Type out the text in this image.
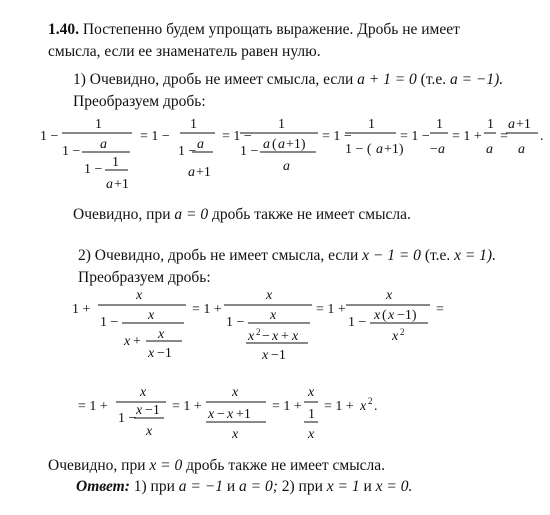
1.40. Постепенно будем упрощать выражение. Дробь не имеет
смысла, если ее знаменатель равен нулю.
1) Очевидно, дробь не имеет смысла, если a + 1 = 0 (т.е. a = −1).
Преобразуем дробь:
1 −
1
1 − a
1 − 1
a +1
= 1 −
1
1 − a
a +1
= 1 −
1
1 − a ( a +1)
a
= 1 −
1
1 − ( a +1)
= 1 −
1
− a
= 1 +
1
a
=
a +1
a
.
Очевидно, при a = 0 дробь также не имеет смысла.
2) Очевидно, дробь не имеет смысла, если x − 1 = 0 (т.е. x = 1).
Преобразуем дробь:
1 +
x
1 − x
x + x
x −1
= 1 +
x
1 − x
x 2 − x + x
x −1
= 1 +
x
1 − x ( x −1)
x 2
=
= 1 +
x
1 −
x −1
x
= 1 +
x
x − x +1
x
= 1 +
x
1
x
= 1 + x 2 .
Очевидно, при x = 0 дробь также не имеет смысла.
Ответ: 1) при a = −1 и a = 0; 2) при x = 1 и x = 0.
